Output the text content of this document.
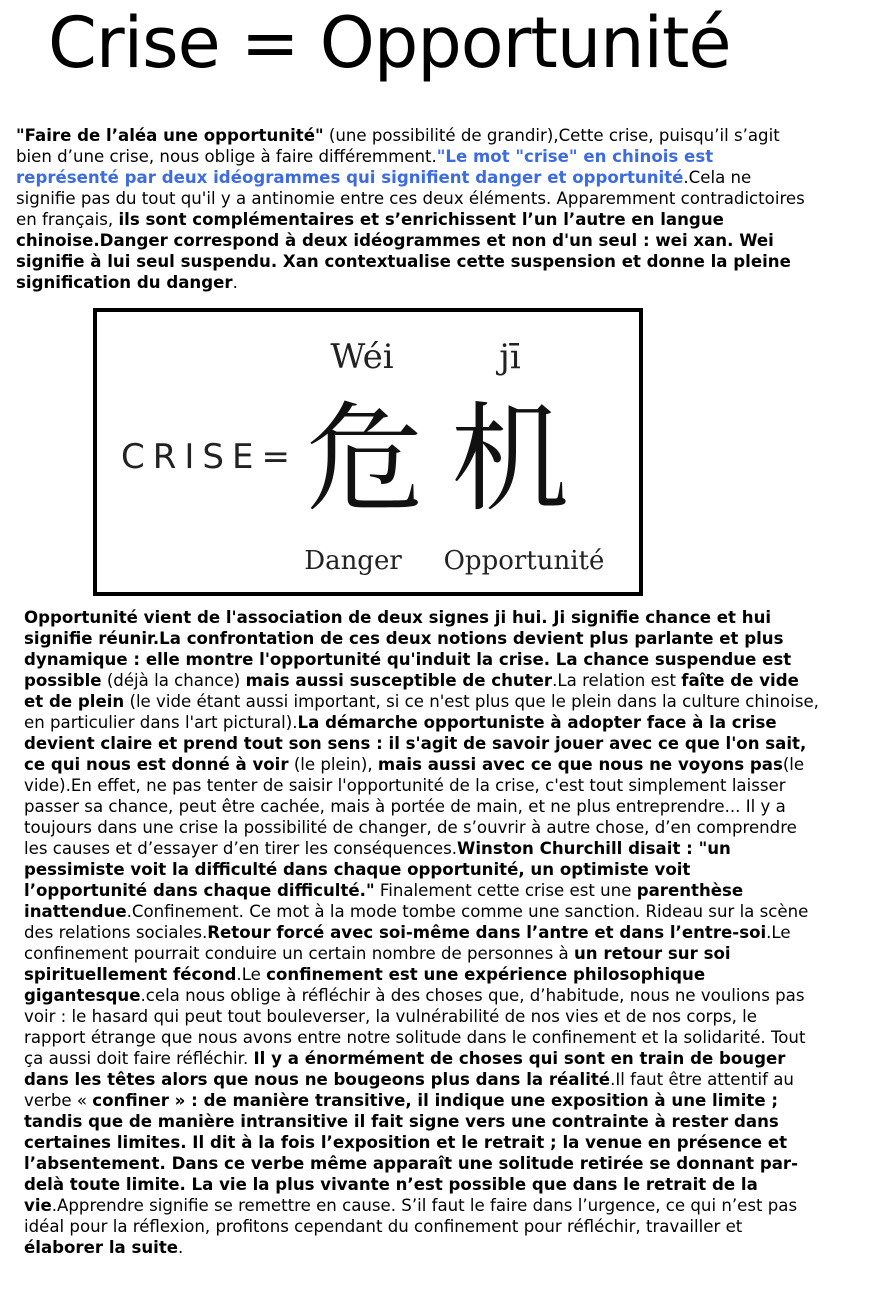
Crise = Opportunité

"Faire de l’aléa une opportunité" (une possibilité de grandir),Cette crise, puisqu’il s’agit bien d’une crise, nous oblige à faire différemment."Le mot "crise" en chinois est représenté par deux idéogrammes qui signifient danger et opportunité.Cela ne signifie pas du tout qu'il y a antinomie entre ces deux éléments. Apparemment contradictoires en français, ils sont complémentaires et s’enrichissent l’un l’autre en langue chinoise.Danger correspond à deux idéogrammes et non d'un seul : wei xan. Wei signifie à lui seul suspendu. Xan contextualise cette suspension et donne la pleine signification du danger.

CRISE=
Wéi	jī
危 机
Danger Opportunité

Opportunité vient de l'association de deux signes ji hui. Ji signifie chance et hui signifie réunir.La confrontation de ces deux notions devient plus parlante et plus dynamique : elle montre l'opportunité qu'induit la crise. La chance suspendue est possible (déjà la chance) mais aussi susceptible de chuter.La relation est faîte de vide et de plein (le vide étant aussi important, si ce n'est plus que le plein dans la culture chinoise, en particulier dans l'art pictural).La démarche opportuniste à adopter face à la crise devient claire et prend tout son sens : il s'agit de savoir jouer avec ce que l'on sait, ce qui nous est donné à voir (le plein), mais aussi avec ce que nous ne voyons pas(le vide).En effet, ne pas tenter de saisir l'opportunité de la crise, c'est tout simplement laisser passer sa chance, peut être cachée, mais à portée de main, et ne plus entreprendre... Il y a toujours dans une crise la possibilité de changer, de s’ouvrir à autre chose, d’en comprendre les causes et d’essayer d’en tirer les conséquences.Winston Churchill disait : "un pessimiste voit la difficulté dans chaque opportunité, un optimiste voit l’opportunité dans chaque difficulté." Finalement cette crise est une parenthèse inattendue.Confinement. Ce mot à la mode tombe comme une sanction. Rideau sur la scène des relations sociales.Retour forcé avec soi-même dans l’antre et dans l’entre-soi.Le confinement pourrait conduire un certain nombre de personnes à un retour sur soi spirituellement fécond.Le confinement est une expérience philosophique gigantesque.cela nous oblige à réfléchir à des choses que, d’habitude, nous ne voulions pas voir : le hasard qui peut tout bouleverser, la vulnérabilité de nos vies et de nos corps, le rapport étrange que nous avons entre notre solitude dans le confinement et la solidarité. Tout ça aussi doit faire réfléchir. Il y a énormément de choses qui sont en train de bouger dans les têtes alors que nous ne bougeons plus dans la réalité.Il faut être attentif au verbe « confiner » : de manière transitive, il indique une exposition à une limite ; tandis que de manière intransitive il fait signe vers une contrainte à rester dans certaines limites. Il dit à la fois l’exposition et le retrait ; la venue en présence et l’absentement. Dans ce verbe même apparaît une solitude retirée se donnant par-delà toute limite. La vie la plus vivante n’est possible que dans le retrait de la vie.Apprendre signifie se remettre en cause. S’il faut le faire dans l’urgence, ce qui n’est pas idéal pour la réflexion, profitons cependant du confinement pour réfléchir, travailler et élaborer la suite.
